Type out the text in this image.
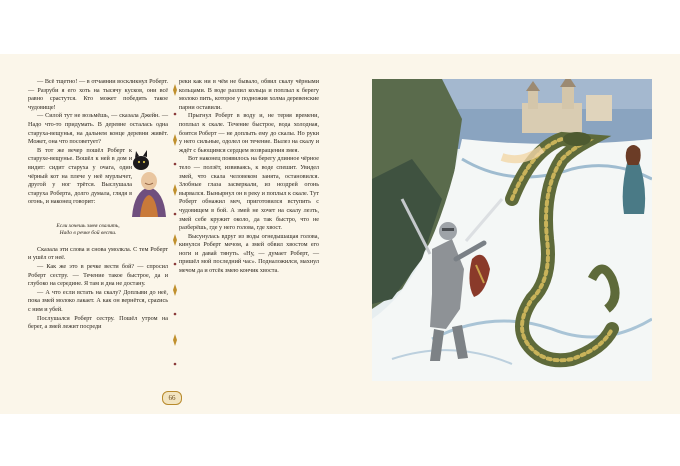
— Всё тщетно! — в отчаянии воскликнул Роберт. — Разруби я его хоть на тысячу кусков, они всё равно срастутся. Кто может победить такое чудовище!

— Силой тут не возьмёшь, — сказала Джейн. — Надо что-то придумать. В деревне осталась одна старуха-вещунья, на дальнем конце деревни живёт. Может, она что посоветует?

В тот же вечер пошёл Роберт к старухе-вещунье. Вошёл к ней в дом и видит: сидит старуха у очага, один чёрный кот на плече у неё мурлычет, другой у ног трётся. Выслушала старуха Роберта, долго думала, глядя в огонь, и наконец говорит:

Если хочешь змея свалить,
Надо в речке бой вести.

Сказала эти слова и снова умолкла. С тем Роберт и ушёл от неё.

— Как же это в речке вести бой? — спросил Роберт сестру. — Течение такое быстрое, да и глубоко на середине. Я там и дна не достану.

— А что если встать на скалу? Доплыви до неё, пока змей молоко лакает. А как он вернётся, срazись с ним и убей.

Послушался Роберт сестру. Пошёл утром на берег, а змей лежит посреди

реки как ни в чём не бывало, обвил скалу чёрными кольцами. В воде разлил кольца и поплыл к берегу молоко пить, которое у подножия холма деревенские парни оставили.

Прыгнул Роберт в воду и, не теряя времени, поплыл к скале. Течение быстрое, вода холодная, боится Роберт — не доплыть ему до скалы. Но руки у него сильные, одолел он течение. Вылез на скалу и ждёт с бьющимся сердцем возвращения змея.

Вот наконец появилось на берегу длинное чёрное тело — ползёт, извиваясь, к воде спешит. Увидел змей, что скала человеком занята, остановился. Злобные глаза засверкали, из ноздрей огонь вырвался. Вынырнул он в реку и поплыл к скале. Тут Роберт обнажил меч, приготовился вступить с чудовищем в бой. А змей не хочет на скалу лезть, змей себе кружит около, да так быстро, что не разберёшь, где у него голова, где хвост.

Высунулась вдруг из воды огнедышащая голова, кинулся Роберт мечом, а змей обвил хвостом его ноги и давай тянуть. «Ну, — думает Роберт, — пришёл мой последний час». Подналожился, махнул мечом да и отсёк змею кончик хвоста.

66
